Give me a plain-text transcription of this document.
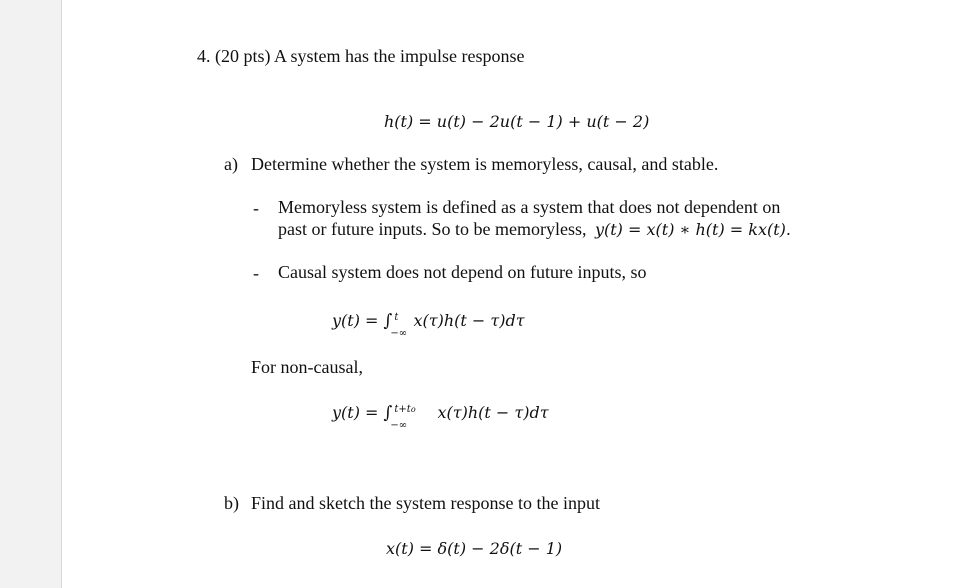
4. (20 pts) A system has the impulse response
h(t) = u(t) − 2u(t − 1) + u(t − 2)
a) Determine whether the system is memoryless, causal, and stable.
- Memoryless system is defined as a system that does not dependent on
past or future inputs. So to be memoryless, y(t) = x(t) ∗ h(t) = kx(t).
- Causal system does not depend on future inputs, so
y(t) = ∫ t
−∞
x(τ)h(t − τ)dτ
For non-causal,
y(t) = ∫ t+to
−∞
x(τ)h(t − τ)dτ
b) Find and sketch the system response to the input
x(t) = δ(t) − 2δ(t − 1)
